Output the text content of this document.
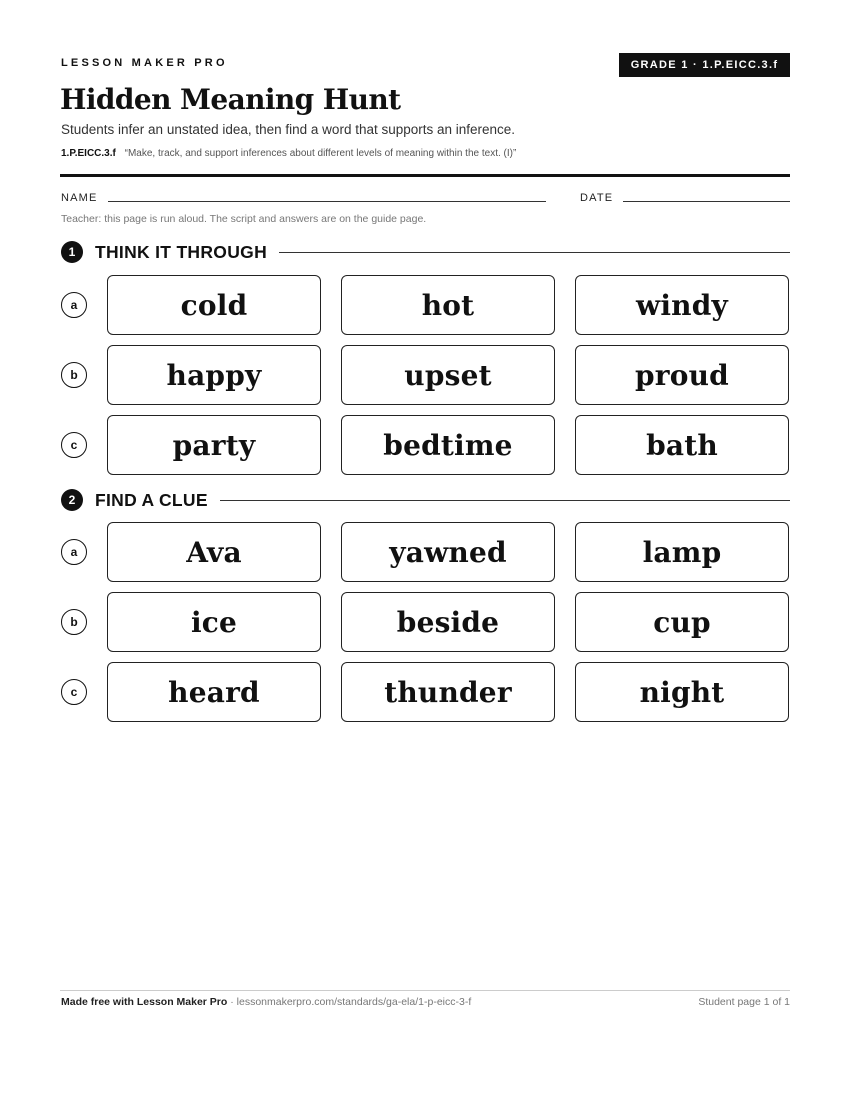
LESSON MAKER PRO	GRADE 1 · 1.P.EICC.3.f
Hidden Meaning Hunt
Students infer an unstated idea, then find a word that supports an inference.
1.P.EICC.3.f “Make, track, and support inferences about different levels of meaning within the text. (I)”
NAME	DATE
Teacher: this page is run aloud. The script and answers are on the guide page.
1	THINK IT THROUGH
a	cold	hot	windy
b	happy	upset	proud
c	party	bedtime	bath
2	FIND A CLUE
a	Ava	yawned	lamp
b	ice	beside	cup
c	heard	thunder	night
Made free with Lesson Maker Pro · lessonmakerpro.com/standards/ga-ela/1-p-eicc-3-f	Student page 1 of 1
